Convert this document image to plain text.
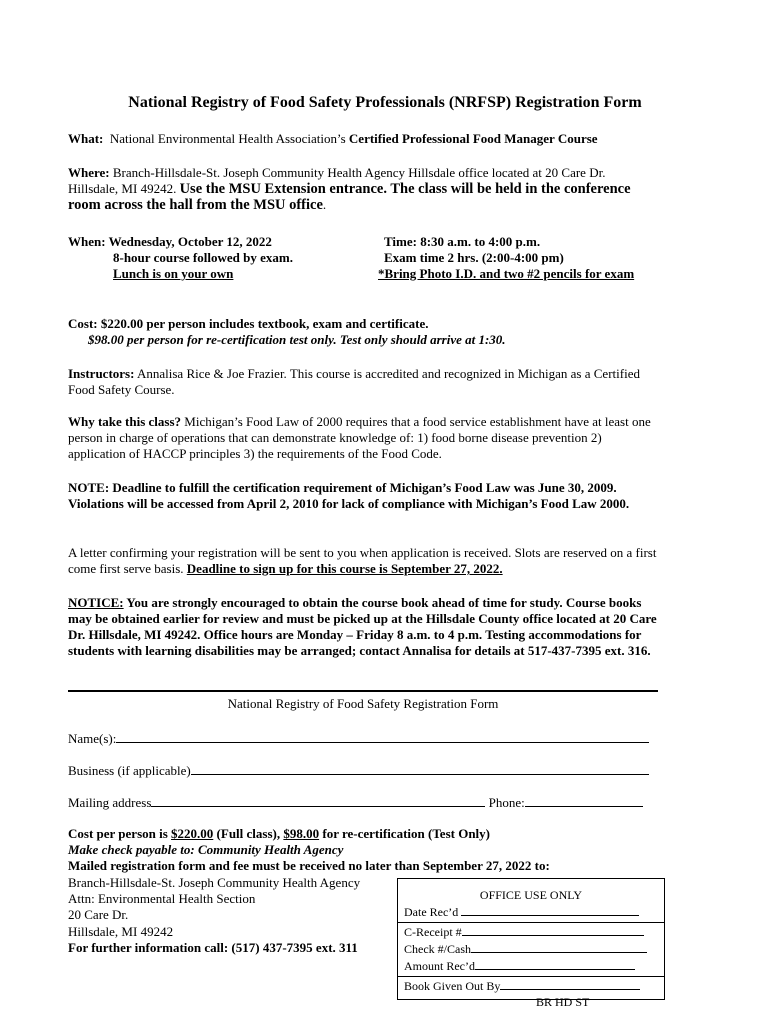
National Registry of Food Safety Professionals (NRFSP) Registration Form
What: National Environmental Health Association’s Certified Professional Food Manager Course
Where: Branch-Hillsdale-St. Joseph Community Health Agency Hillsdale office located at 20 Care Dr. Hillsdale, MI 49242. Use the MSU Extension entrance. The class will be held in the conference room across the hall from the MSU office.
When: Wednesday, October 12, 2022
8-hour course followed by exam.
Lunch is on your own
Time: 8:30 a.m. to 4:00 p.m.
Exam time 2 hrs. (2:00-4:00 pm)
*Bring Photo I.D. and two #2 pencils for exam
Cost: $220.00 per person includes textbook, exam and certificate.
$98.00 per person for re-certification test only. Test only should arrive at 1:30.
Instructors: Annalisa Rice & Joe Frazier. This course is accredited and recognized in Michigan as a Certified Food Safety Course.
Why take this class? Michigan’s Food Law of 2000 requires that a food service establishment have at least one person in charge of operations that can demonstrate knowledge of: 1) food borne disease prevention 2) application of HACCP principles 3) the requirements of the Food Code.
NOTE: Deadline to fulfill the certification requirement of Michigan’s Food Law was June 30, 2009. Violations will be accessed from April 2, 2010 for lack of compliance with Michigan’s Food Law 2000.
A letter confirming your registration will be sent to you when application is received. Slots are reserved on a first come first serve basis. Deadline to sign up for this course is September 27, 2022.
NOTICE: You are strongly encouraged to obtain the course book ahead of time for study. Course books may be obtained earlier for review and must be picked up at the Hillsdale County office located at 20 Care Dr. Hillsdale, MI 49242. Office hours are Monday – Friday 8 a.m. to 4 p.m. Testing accommodations for students with learning disabilities may be arranged; contact Annalisa for details at 517-437-7395 ext. 316.
National Registry of Food Safety Registration Form
Name(s):
Business (if applicable)
Mailing address	Phone:
Cost per person is $220.00 (Full class), $98.00 for re-certification (Test Only)
Make check payable to: Community Health Agency
Mailed registration form and fee must be received no later than September 27, 2022 to:
Branch-Hillsdale-St. Joseph Community Health Agency
Attn: Environmental Health Section
20 Care Dr.
Hillsdale, MI 49242
For further information call: (517) 437-7395 ext. 311
OFFICE USE ONLY
Date Rec’d
C-Receipt #
Check #/Cash
Amount Rec’d
Book Given Out By
BR HD ST
